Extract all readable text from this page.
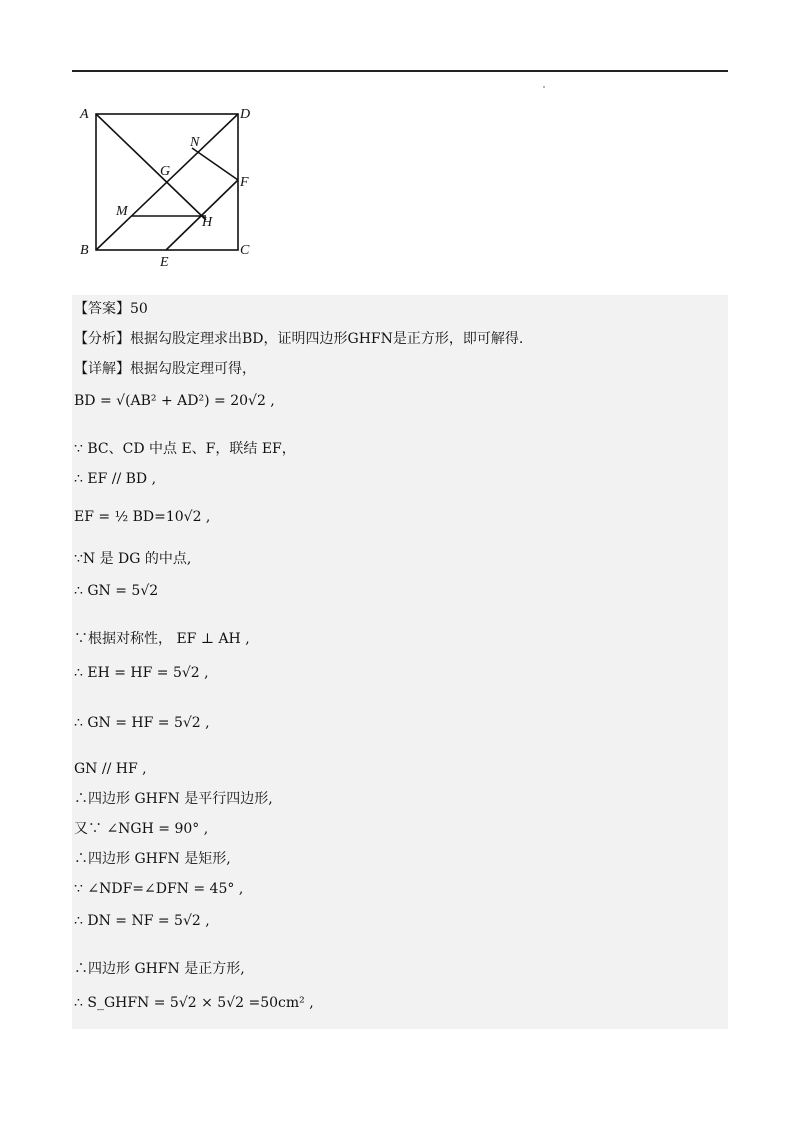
A	D
B	C
E
F
G
H
M
N
【答案】50
【分析】根据勾股定理求出BD，证明四边形GHFN是正方形，即可解得.
【详解】根据勾股定理可得，
BD = √(AB² + AD²) = 20√2 ,
∵ BC、CD 中点 E、F，联结 EF，
∴ EF // BD ,
EF = ½ BD=10√2 ,
∵N 是 DG 的中点,
∴ GN = 5√2
∵根据对称性， EF ⊥ AH ,
∴ EH = HF = 5√2 ,
∴ GN = HF = 5√2 ,
GN // HF ,
∴四边形 GHFN 是平行四边形,
又∵ ∠NGH = 90° ,
∴四边形 GHFN 是矩形,
∵ ∠NDF=∠DFN = 45° ,
∴ DN = NF = 5√2 ,
∴四边形 GHFN 是正方形,
∴ S_GHFN = 5√2 × 5√2 =50cm² ,
